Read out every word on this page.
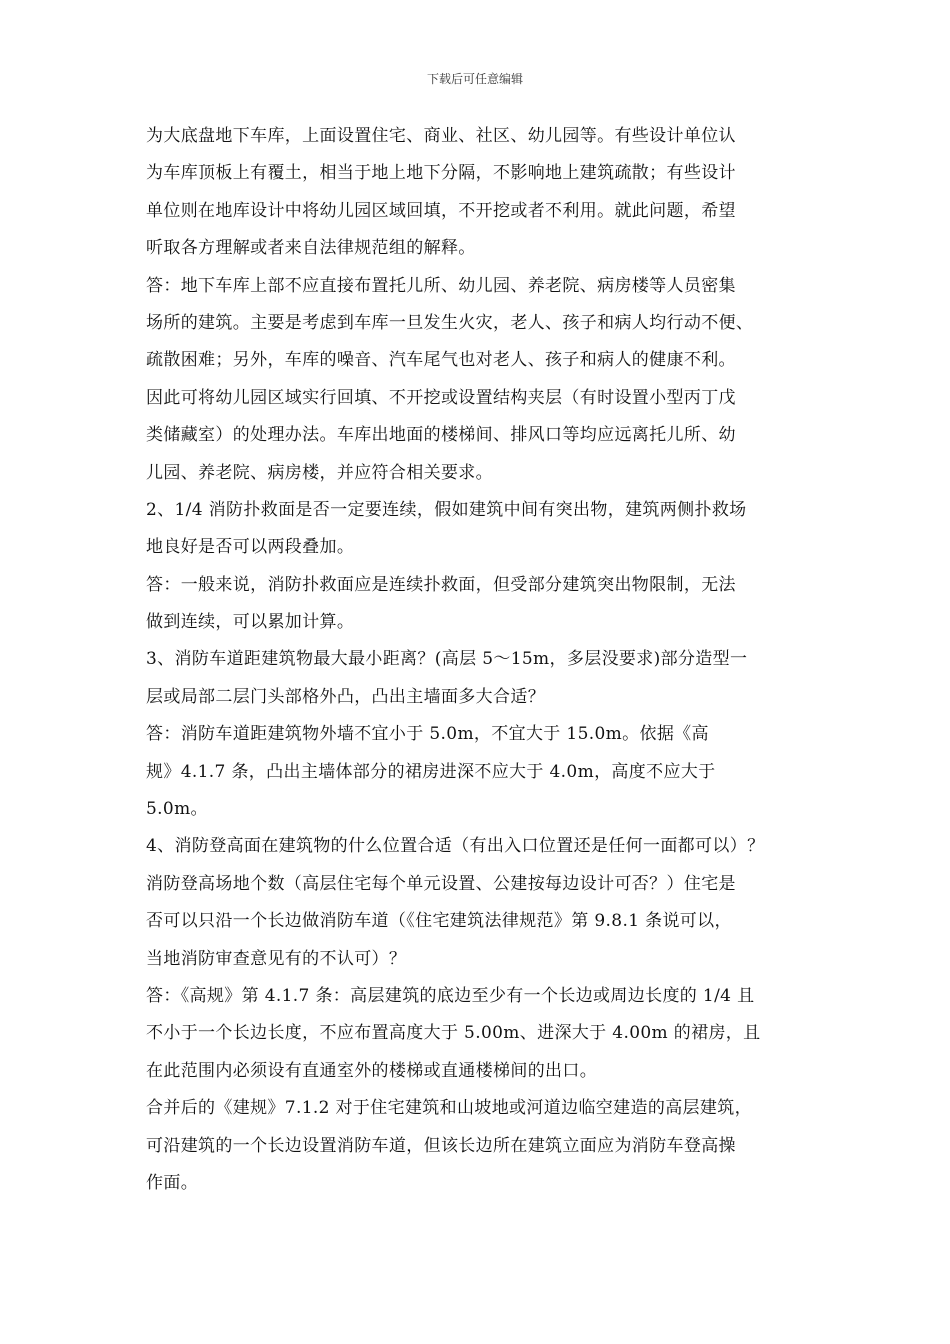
下载后可任意编辑
为大底盘地下车库，上面设置住宅、商业、社区、幼儿园等。有些设计单位认
为车库顶板上有覆土，相当于地上地下分隔，不影响地上建筑疏散；有些设计
单位则在地库设计中将幼儿园区域回填，不开挖或者不利用。就此问题，希望
听取各方理解或者来自法律规范组的解释。
答：地下车库上部不应直接布置托儿所、幼儿园、养老院、病房楼等人员密集
场所的建筑。主要是考虑到车库一旦发生火灾，老人、孩子和病人均行动不便、
疏散困难；另外，车库的噪音、汽车尾气也对老人、孩子和病人的健康不利。
因此可将幼儿园区域实行回填、不开挖或设置结构夹层（有时设置小型丙丁戊
类储藏室）的处理办法。车库出地面的楼梯间、排风口等均应远离托儿所、幼
儿园、养老院、病房楼，并应符合相关要求。
2、1/4 消防扑救面是否一定要连续，假如建筑中间有突出物，建筑两侧扑救场
地良好是否可以两段叠加。
答：一般来说，消防扑救面应是连续扑救面，但受部分建筑突出物限制，无法
做到连续，可以累加计算。
3、消防车道距建筑物最大最小距离？(高层 5～15m，多层没要求)部分造型一
层或局部二层门头部格外凸，凸出主墙面多大合适？
答：消防车道距建筑物外墙不宜小于 5.0m，不宜大于 15.0m。依据《高
规》4.1.7 条，凸出主墙体部分的裙房进深不应大于 4.0m，高度不应大于
5.0m。
4、消防登高面在建筑物的什么位置合适（有出入口位置还是任何一面都可以）？
消防登高场地个数（高层住宅每个单元设置、公建按每边设计可否？）住宅是
否可以只沿一个长边做消防车道（《住宅建筑法律规范》第 9.8.1 条说可以，
当地消防审查意见有的不认可）？
答：《高规》第 4.1.7 条：高层建筑的底边至少有一个长边或周边长度的 1/4 且
不小于一个长边长度，不应布置高度大于 5.00m、进深大于 4.00m 的裙房，且
在此范围内必须设有直通室外的楼梯或直通楼梯间的出口。
合并后的《建规》7.1.2 对于住宅建筑和山坡地或河道边临空建造的高层建筑，
可沿建筑的一个长边设置消防车道，但该长边所在建筑立面应为消防车登高操
作面。
